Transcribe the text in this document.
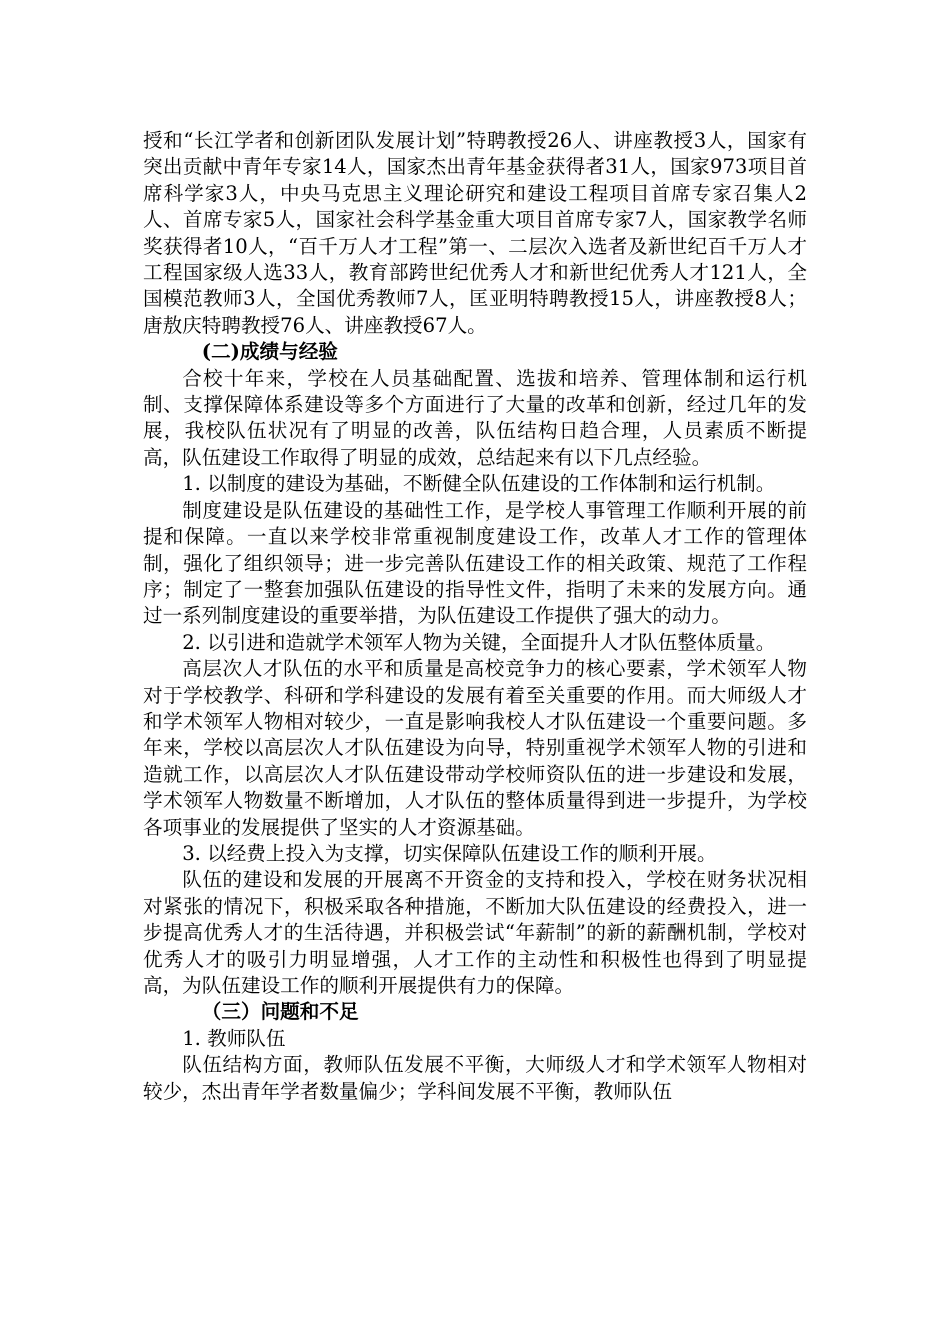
授和“长江学者和创新团队发展计划”特聘教授26人、讲座教授3人，国家有突出贡献中青年专家14人，国家杰出青年基金获得者31人，国家973项目首席科学家3人，中央马克思主义理论研究和建设工程项目首席专家召集人2人、首席专家5人，国家社会科学基金重大项目首席专家7人，国家教学名师奖获得者10人，“百千万人才工程”第一、二层次入选者及新世纪百千万人才工程国家级人选33人，教育部跨世纪优秀人才和新世纪优秀人才121人，全国模范教师3人，全国优秀教师7人，匡亚明特聘教授15人，讲座教授8人；唐敖庆特聘教授76人、讲座教授67人。

(二)成绩与经验

合校十年来，学校在人员基础配置、选拔和培养、管理体制和运行机制、支撑保障体系建设等多个方面进行了大量的改革和创新，经过几年的发展，我校队伍状况有了明显的改善，队伍结构日趋合理，人员素质不断提高，队伍建设工作取得了明显的成效，总结起来有以下几点经验。

1. 以制度的建设为基础，不断健全队伍建设的工作体制和运行机制。

制度建设是队伍建设的基础性工作，是学校人事管理工作顺利开展的前提和保障。一直以来学校非常重视制度建设工作，改革人才工作的管理体制，强化了组织领导；进一步完善队伍建设工作的相关政策、规范了工作程序；制定了一整套加强队伍建设的指导性文件，指明了未来的发展方向。通过一系列制度建设的重要举措，为队伍建设工作提供了强大的动力。

2. 以引进和造就学术领军人物为关键，全面提升人才队伍整体质量。

高层次人才队伍的水平和质量是高校竞争力的核心要素，学术领军人物对于学校教学、科研和学科建设的发展有着至关重要的作用。而大师级人才和学术领军人物相对较少，一直是影响我校人才队伍建设一个重要问题。多年来，学校以高层次人才队伍建设为向导，特别重视学术领军人物的引进和造就工作，以高层次人才队伍建设带动学校师资队伍的进一步建设和发展，学术领军人物数量不断增加，人才队伍的整体质量得到进一步提升，为学校各项事业的发展提供了坚实的人才资源基础。

3. 以经费上投入为支撑，切实保障队伍建设工作的顺利开展。

队伍的建设和发展的开展离不开资金的支持和投入，学校在财务状况相对紧张的情况下，积极采取各种措施，不断加大队伍建设的经费投入，进一步提高优秀人才的生活待遇，并积极尝试“年薪制”的新的薪酬机制，学校对优秀人才的吸引力明显增强，人才工作的主动性和积极性也得到了明显提高，为队伍建设工作的顺利开展提供有力的保障。

（三）问题和不足

1. 教师队伍

队伍结构方面，教师队伍发展不平衡，大师级人才和学术领军人物相对较少，杰出青年学者数量偏少；学科间发展不平衡，教师队伍
